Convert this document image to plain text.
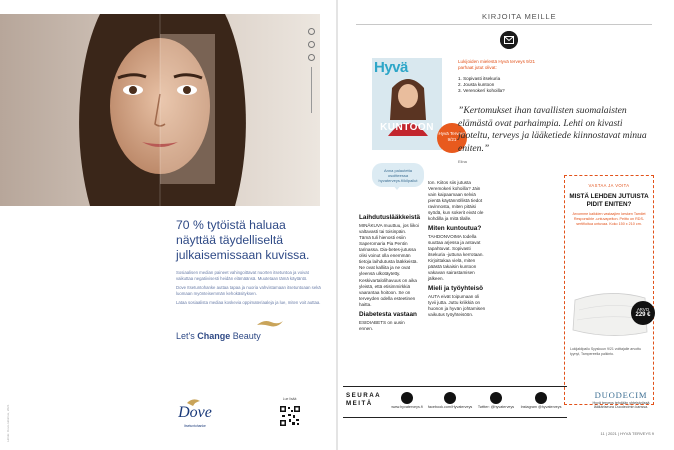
Lähde: Dove-tutkimus, 2021
70 % tytöistä haluaa näyttää täydelliseltä julkaisemissaan kuvissa.

Sosiaalisen median paineet vahingoittavat nuorten itsetuntoa ja voivat vaikuttaa negatiivisesti heidän elämäänsä. Muutetaan tämä käytäntö.

Dove Itsetuntohanke auttaa tapaa ja nuoria vahvistamaan itsetuntoaan sekä luomaan myönteisemmän kehokäsityksen.

Lataa sosiaalista mediaa koskevia oppimateriaaleja ja lue, miten voit auttaa.

Let's Change Beauty
Dove
Itsetuntohanke
Lue lisää:
KIRJOITA MEILLE
Hyvä
KUNTOON
Hyvä Terveys 9/21
Lukijoiden mielestä Hyvä terveys 9/21 parhaat jutut olivat:
1. Sopivasti itsekuria
2. Jousta kuntoon
3. Verenokerí kohoilla?
”Kertomukset ihan tavallisten suomalaisten elämästä ovat parhaimpia. Lehti on kivasti jaoteltu, terveys ja lääketiede kiinnostavat minua eniten.”
Elina
Anna palautetta osoitteessa hyvaterveys.fi/kilpailut
Laihdutuslääkkeistä

MINÄKUVA muuttuu, jos liikoi valtavasti tai toisinpäin. Tämä tuli hienosti esiin Saperomaria Pia Pentin tarinassa. Dia-betes-jutussa olisi voinut olla enemmän tietoja laihdutusta lääkkeistä. Ne ovat kalliita ja ne ovat yleensä ulkotäytetty.

Keskivartalolihavuus on aika yleistä, että etisimmirkkiä vaarantaa hoitoon. Se on terveyden odella esteetinen haitta.

Diabetesta vastaan

ESIDIABETS on uusin ennen.

ton. Kiitos siis jutusta Veremokeri kohoilla? Jäin vain kaipaamaan selviä pientä käytännöllistä tiedot ravinnosta, miten pitäisi syödä, kun sokerit eivät ole kohdilla ja mitä tilalle.

Miten kuntoutua?

TAHDONVOIMA todella suuttaa arjessa ja antavat tapahtuvat. Sopivasti itsekuria -juttuna kerrotaan. Kirjoittakaa vielä, miten päästä takaisin kuntoon vakavan sairastamisen jälkeen.

Mieli ja työyhteisö

AUTA eivät toipumaan oli tyvii jutta. Juttu kriikkiä on huonon ja hyvän johtamisen vaikutus työyhteisöön.

VASTAA JA VOITA
MISTÄ LEHDEN JUTUISTA PIDIT ENITEN?
Arvomme kaikkien vastaajien kesken Tamilet Responsible -untuvapeiton. Peitto on RDS-sertifioitua untuvaa. Koko 150 x 210 cm.
ARVO
229 €
Lukijakilpailu Syyskuun 9/21 voittajalle arvottu tyynyt, Tampereella palkinto.
SEURAA MEITÄ
www.hyvaterveys.fi	facebook.com/Hyvaterveys	Twitter: @hyvaterveys	Instagram @hyvaterveys
DUODECIM
Hyvä terveys tehdään yhteistyössä lääkäriseura Duodecimin kanssa.
11 | 2021 | HYVÄ TERVEYS 9
